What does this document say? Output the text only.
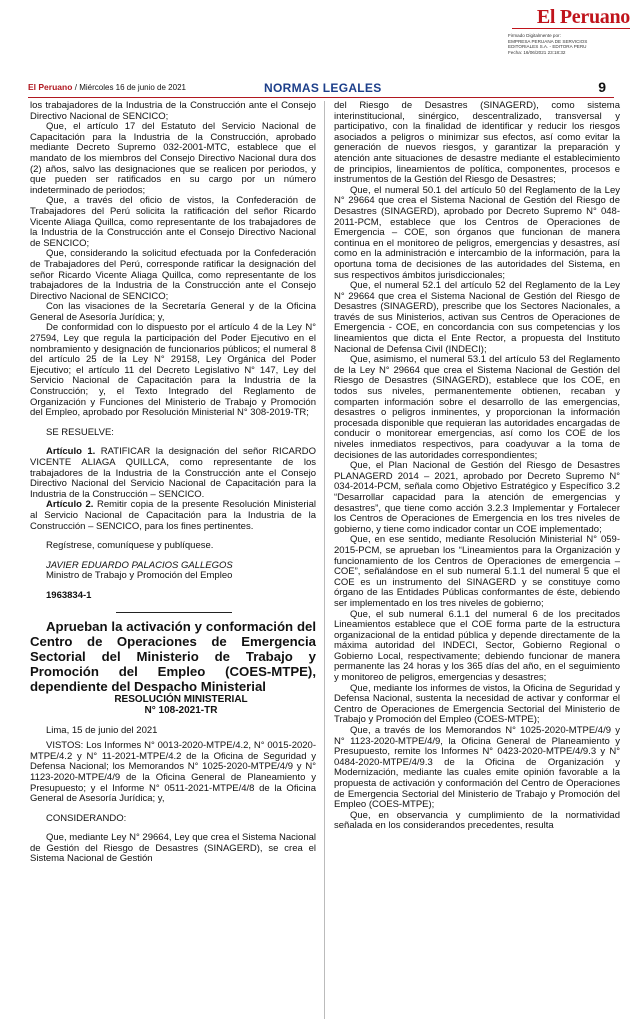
El Peruano
Firmado Digitalmente por:
EMPRESA PERUANA DE SERVICIOS
EDITORIALES S.A. - EDITORA PERU
Fecha: 16/06/2021 23:18:32
El Peruano / Miércoles 16 de junio de 2021	NORMAS LEGALES	9

los trabajadores de la Industria de la Construcción ante el Consejo Directivo Nacional de SENCICO;

Que, el artículo 17 del Estatuto del Servicio Nacional de Capacitación para la Industria de la Construcción, aprobado mediante Decreto Supremo 032-2001-MTC, establece que el mandato de los miembros del Consejo Directivo Nacional dura dos (2) años, salvo las designaciones que se realicen por periodos, y que pueden ser ratificados en su cargo por un número indeterminado de periodos;

Que, a través del oficio de vistos, la Confederación de Trabajadores del Perú solicita la ratificación del señor Ricardo Vicente Aliaga Quillca, como representante de los trabajadores de la Industria de la Construcción ante el Consejo Directivo Nacional de SENCICO;

Que, considerando la solicitud efectuada por la Confederación de Trabajadores del Perú, corresponde ratificar la designación del señor Ricardo Vicente Aliaga Quillca, como representante de los trabajadores de la Industria de la Construcción ante el Consejo Directivo Nacional de SENCICO;

Con las visaciones de la Secretaría General y de la Oficina General de Asesoría Jurídica; y,

De conformidad con lo dispuesto por el artículo 4 de la Ley N° 27594, Ley que regula la participación del Poder Ejecutivo en el nombramiento y designación de funcionarios públicos; el numeral 8 del artículo 25 de la Ley N° 29158, Ley Orgánica del Poder Ejecutivo; el artículo 11 del Decreto Legislativo N° 147, Ley del Servicio Nacional de Capacitación para la Industria de la Construcción; y, el Texto Integrado del Reglamento de Organización y Funciones del Ministerio de Trabajo y Promoción del Empleo, aprobado por Resolución Ministerial N° 308-2019-TR;

SE RESUELVE:

Artículo 1. RATIFICAR la designación del señor RICARDO VICENTE ALIAGA QUILLCA, como representante de los trabajadores de la Industria de la Construcción ante el Consejo Directivo Nacional del Servicio Nacional de Capacitación para la Industria de la Construcción – SENCICO.

Artículo 2. Remitir copia de la presente Resolución Ministerial al Servicio Nacional de Capacitación para la Industria de la Construcción – SENCICO, para los fines pertinentes.

Regístrese, comuníquese y publíquese.

JAVIER EDUARDO PALACIOS GALLEGOS

Ministro de Trabajo y Promoción del Empleo

1963834-1

Aprueban la activación y conformación del Centro de Operaciones de Emergencia Sectorial del Ministerio de Trabajo y Promoción del Empleo (COES-MTPE), dependiente del Despacho Ministerial

RESOLUCIÓN MINISTERIAL

N° 108-2021-TR

Lima, 15 de junio del 2021

VISTOS: Los Informes N° 0013-2020-MTPE/4.2, N° 0015-2020-MTPE/4.2 y N° 11-2021-MTPE/4.2 de la Oficina de Seguridad y Defensa Nacional; los Memorandos N° 1025-2020-MTPE/4/9 y N° 1123-2020-MTPE/4/9 de la Oficina General de Planeamiento y Presupuesto; y el Informe N° 0511-2021-MTPE/4/8 de la Oficina General de Asesoría Jurídica; y,

CONSIDERANDO:

Que, mediante Ley N° 29664, Ley que crea el Sistema Nacional de Gestión del Riesgo de Desastres (SINAGERD), se crea el Sistema Nacional de Gestión

del Riesgo de Desastres (SINAGERD), como sistema interinstitucional, sinérgico, descentralizado, transversal y participativo, con la finalidad de identificar y reducir los riesgos asociados a peligros o minimizar sus efectos, así como evitar la generación de nuevos riesgos, y garantizar la preparación y atención ante situaciones de desastre mediante el establecimiento de principios, lineamientos de política, componentes, procesos e instrumentos de la Gestión del Riesgo de Desastres;

Que, el numeral 50.1 del artículo 50 del Reglamento de la Ley N° 29664 que crea el Sistema Nacional de Gestión del Riesgo de Desastres (SINAGERD), aprobado por Decreto Supremo N° 048-2011-PCM, establece que los Centros de Operaciones de Emergencia – COE, son órganos que funcionan de manera continua en el monitoreo de peligros, emergencias y desastres, así como en la administración e intercambio de la información, para la oportuna toma de decisiones de las autoridades del Sistema, en sus respectivos ámbitos jurisdiccionales;

Que, el numeral 52.1 del artículo 52 del Reglamento de la Ley N° 29664 que crea el Sistema Nacional de Gestión del Riesgo de Desastres (SINAGERD), prescribe que los Sectores Nacionales, a través de sus Ministerios, activan sus Centros de Operaciones de Emergencia - COE, en concordancia con sus competencias y los lineamientos que dicta el Ente Rector, a propuesta del Instituto Nacional de Defensa Civil (INDECI);

Que, asimismo, el numeral 53.1 del artículo 53 del Reglamento de la Ley N° 29664 que crea el Sistema Nacional de Gestión del Riesgo de Desastres (SINAGERD), establece que los COE, en todos sus niveles, permanentemente obtienen, recaban y comparten información sobre el desarrollo de las emergencias, desastres o peligros inminentes, y proporcionan la información procesada disponible que requieran las autoridades encargadas de conducir o monitorear emergencias, así como los COE de los niveles inmediatos respectivos, para coadyuvar a la toma de decisiones de las autoridades correspondientes;

Que, el Plan Nacional de Gestión del Riesgo de Desastres PLANAGERD 2014 – 2021, aprobado por Decreto Supremo N° 034-2014-PCM, señala como Objetivo Estratégico y Específico 3.2 “Desarrollar capacidad para la atención de emergencias y desastres”, que tiene como acción 3.2.3 Implementar y Fortalecer los Centros de Operaciones de Emergencia en los tres niveles de gobierno, y tiene como indicador contar un COE implementado;

Que, en ese sentido, mediante Resolución Ministerial N° 059-2015-PCM, se aprueban los “Lineamientos para la Organización y funcionamiento de los Centros de Operaciones de emergencia – COE”, señalándose en el sub numeral 5.1.1 del numeral 5 que el COE es un instrumento del SINAGERD y se constituye como órgano de las Entidades Públicas conformantes de éste, debiendo ser implementado en los tres niveles de gobierno;

Que, el sub numeral 6.1.1 del numeral 6 de los precitados Lineamientos establece que el COE forma parte de la estructura organizacional de la entidad pública y depende directamente de la máxima autoridad del INDECI, Sector, Gobierno Regional o Gobierno Local, respectivamente; debiendo funcionar de manera permanente las 24 horas y los 365 días del año, en el seguimiento y monitoreo de peligros, emergencias y desastres;

Que, mediante los informes de vistos, la Oficina de Seguridad y Defensa Nacional, sustenta la necesidad de activar y conformar el Centro de Operaciones de Emergencia Sectorial del Ministerio de Trabajo y Promoción del Empleo (COES-MTPE);

Que, a través de los Memorandos N° 1025-2020-MTPE/4/9 y N° 1123-2020-MTPE/4/9, la Oficina General de Planeamiento y Presupuesto, remite los Informes N° 0423-2020-MTPE/4/9.3 y N° 0484-2020-MTPE/4/9.3 de la Oficina de Organización y Modernización, mediante las cuales emite opinión favorable a la propuesta de activación y conformación del Centro de Operaciones de Emergencia Sectorial del Ministerio de Trabajo y Promoción del Empleo (COES-MTPE);

Que, en observancia y cumplimiento de la normatividad señalada en los considerandos precedentes, resulta
